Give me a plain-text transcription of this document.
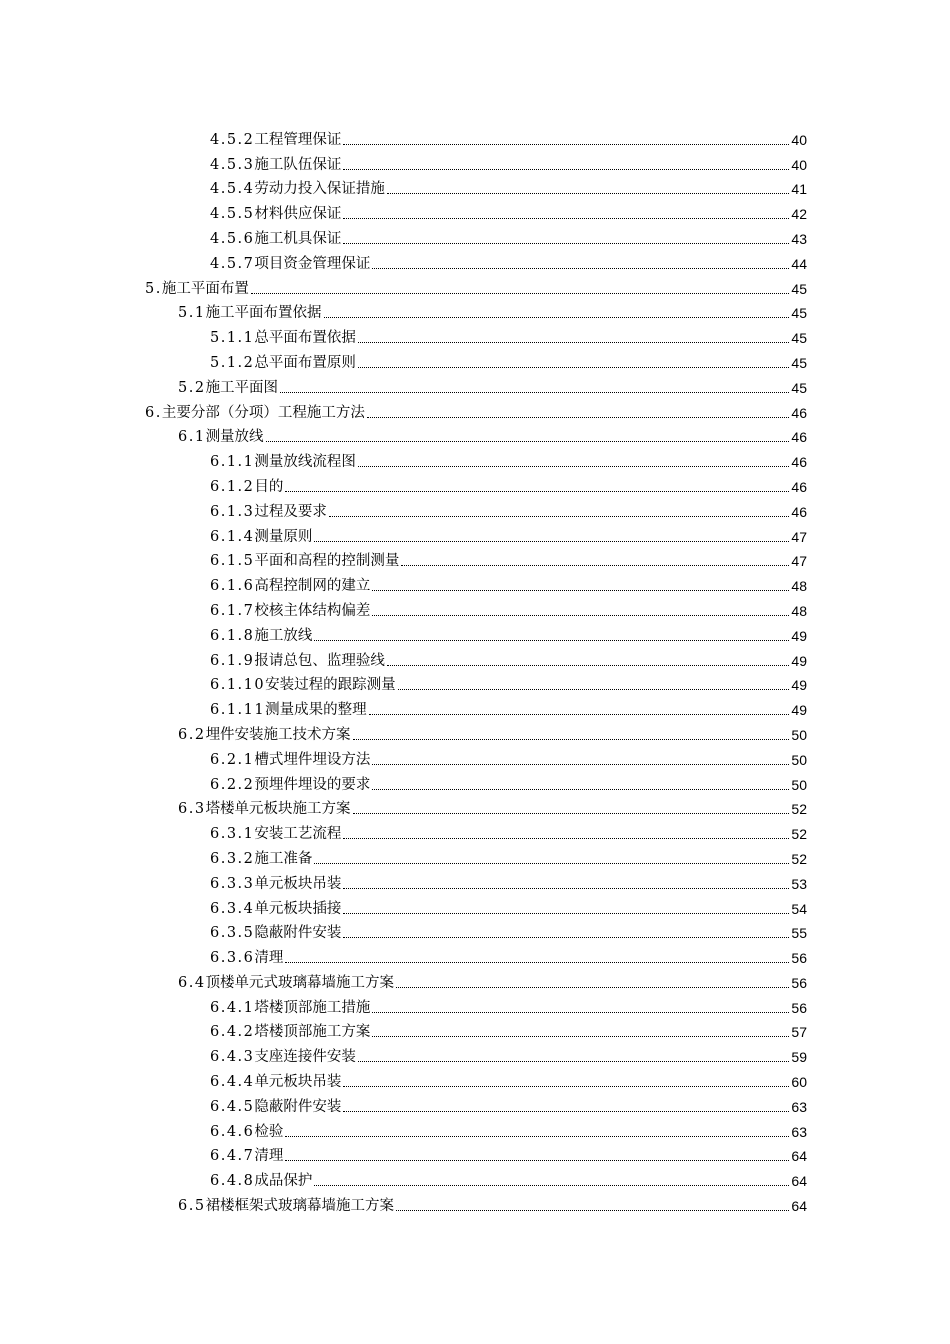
4.5.2 工程管理保证	40
4.5.3 施工队伍保证	40
4.5.4 劳动力投入保证措施	41
4.5.5 材料供应保证	42
4.5.6 施工机具保证	43
4.5.7 项目资金管理保证	44
5. 施工平面布置	45
5.1 施工平面布置依据	45
5.1.1 总平面布置依据	45
5.1.2 总平面布置原则	45
5.2 施工平面图	45
6. 主要分部（分项）工程施工方法	46
6.1 测量放线	46
6.1.1 测量放线流程图	46
6.1.2 目的	46
6.1.3 过程及要求	46
6.1.4 测量原则	47
6.1.5 平面和高程的控制测量	47
6.1.6 高程控制网的建立	48
6.1.7 校核主体结构偏差	48
6.1.8 施工放线	49
6.1.9 报请总包、监理验线	49
6.1.10 安装过程的跟踪测量	49
6.1.11 测量成果的整理	49
6.2 埋件安装施工技术方案	50
6.2.1 槽式埋件埋设方法	50
6.2.2 预埋件埋设的要求	50
6.3 塔楼单元板块施工方案	52
6.3.1 安装工艺流程	52
6.3.2 施工准备	52
6.3.3 单元板块吊装	53
6.3.4 单元板块插接	54
6.3.5 隐蔽附件安装	55
6.3.6 清理	56
6.4 顶楼单元式玻璃幕墙施工方案	56
6.4.1 塔楼顶部施工措施	56
6.4.2 塔楼顶部施工方案	57
6.4.3 支座连接件安装	59
6.4.4 单元板块吊装	60
6.4.5 隐蔽附件安装	63
6.4.6 检验	63
6.4.7 清理	64
6.4.8 成品保护	64
6.5 裙楼框架式玻璃幕墙施工方案	64
